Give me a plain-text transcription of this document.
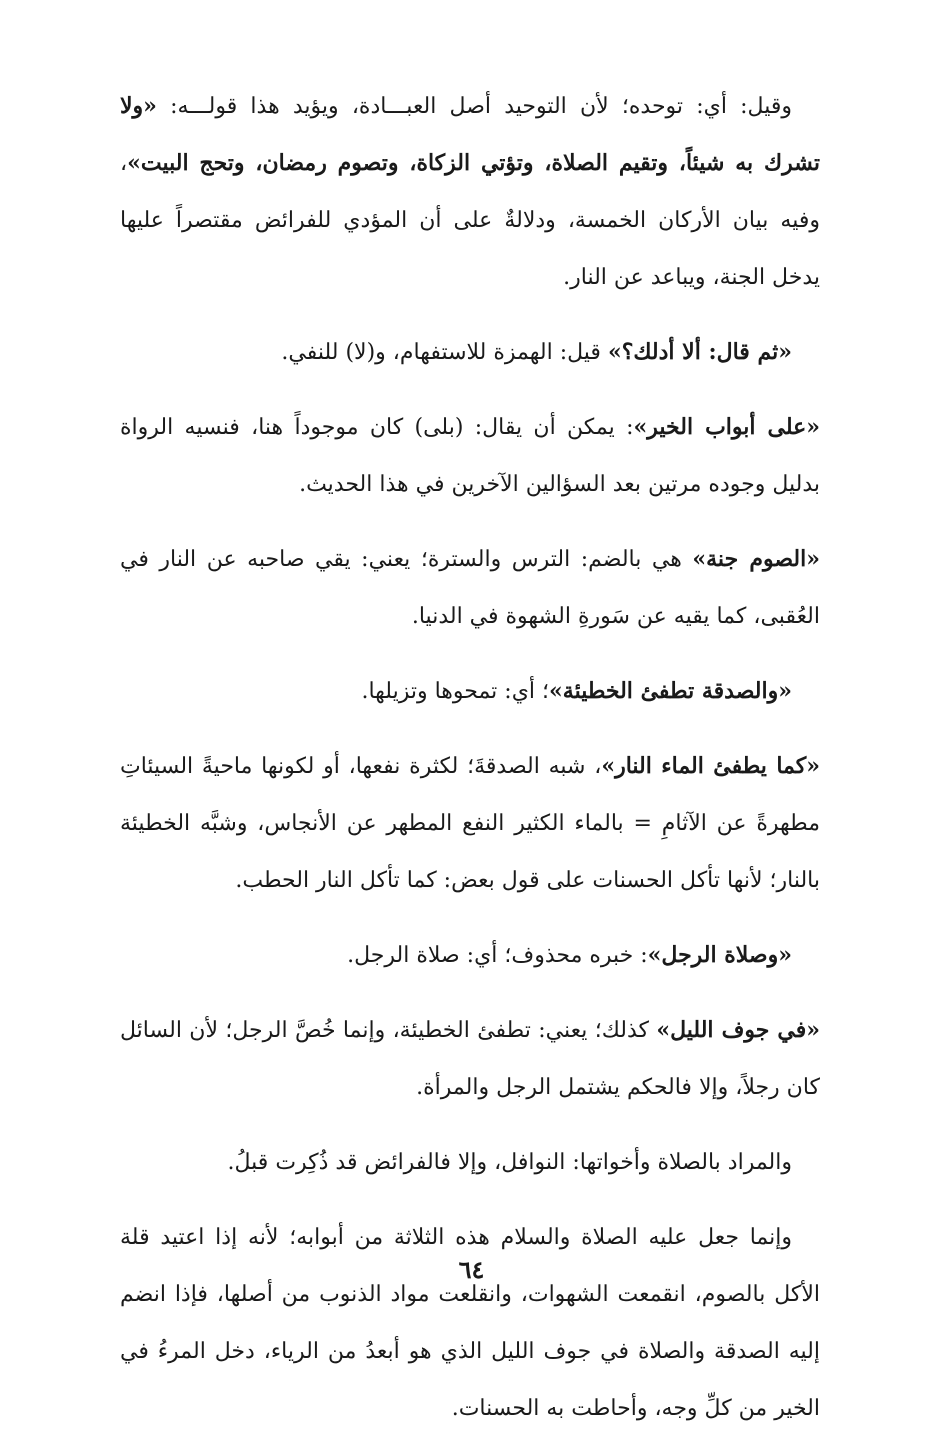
وقيل: أي: توحده؛ لأن التوحيد أصل العبـــادة، ويؤيد هذا قولـــه: «ولا تشرك به شيئاً، وتقيم الصلاة، وتؤتي الزكاة، وتصوم رمضان، وتحج البيت»، وفيه بيان الأركان الخمسة، ودلالةٌ على أن المؤدي للفرائض مقتصراً عليها يدخل الجنة، ويباعد عن النار.

«ثم قال: ألا أدلك؟» قيل: الهمزة للاستفهام، و(لا) للنفي.

«على أبواب الخير»: يمكن أن يقال: (بلى) كان موجوداً هنا، فنسيه الرواة بدليل وجوده مرتين بعد السؤالين الآخرين في هذا الحديث.

«الصوم جنة» هي بالضم: الترس والسترة؛ يعني: يقي صاحبه عن النار في العُقبى، كما يقيه عن سَورةِ الشهوة في الدنيا.

«والصدقة تطفئ الخطيئة»؛ أي: تمحوها وتزيلها.

«كما يطفئ الماء النار»، شبه الصدقةَ؛ لكثرة نفعها، أو لكونها ماحيةً السيئاتِ مطهرةً عن الآثامِ = بالماء الكثير النفع المطهر عن الأنجاس، وشبَّه الخطيئة بالنار؛ لأنها تأكل الحسنات على قول بعض: كما تأكل النار الحطب.

«وصلاة الرجل»: خبره محذوف؛ أي: صلاة الرجل.

«في جوف الليل» كذلك؛ يعني: تطفئ الخطيئة، وإنما خُصَّ الرجل؛ لأن السائل كان رجلاً، وإلا فالحكم يشتمل الرجل والمرأة.

والمراد بالصلاة وأخواتها: النوافل، وإلا فالفرائض قد ذُكِرت قبلُ.

وإنما جعل عليه الصلاة والسلام هذه الثلاثة من أبوابه؛ لأنه إذا اعتيد قلة الأكل بالصوم، انقمعت الشهوات، وانقلعت مواد الذنوب من أصلها، فإذا انضم إليه الصدقة والصلاة في جوف الليل الذي هو أبعدُ من الرياء، دخل المرءُ في الخير من كلِّ وجه، وأحاطت به الحسنات.

٦٤
